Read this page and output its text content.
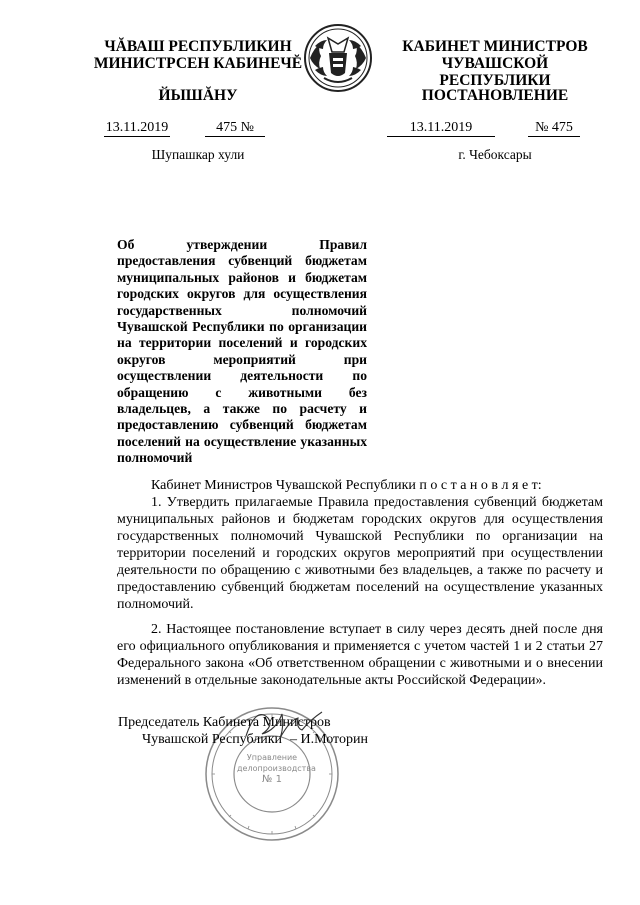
ЧĂВАШ РЕСПУБЛИКИН
МИНИСТРСЕН КАБИНЕЧĔ
ЙЫШĂНУ
КАБИНЕТ МИНИСТРОВ
ЧУВАШСКОЙ РЕСПУБЛИКИ
ПОСТАНОВЛЕНИЕ
13.11.2019	475 №	13.11.2019	№ 475
Шупашкар хули	г. Чебоксары
Об утверждении Правил предоставления субвенций бюджетам муниципальных районов и бюджетам городских округов для осуществления государственных полномочий Чувашской Республики по организации на территории поселений и городских округов мероприятий при осуществлении деятельности по обращению с животными без владельцев, а также по расчету и предоставлению субвенций бюджетам поселений на осуществление указанных полномочий

Кабинет Министров Чувашской Республики п о с т а н о в л я е т:

1. Утвердить прилагаемые Правила предоставления субвенций бюджетам муниципальных районов и бюджетам городских округов для осуществления государственных полномочий Чувашской Республики по организации на территории поселений и городских округов мероприятий при осуществлении деятельности по обращению с животными без владельцев, а также по расчету и предоставлению субвенций бюджетам поселений на осуществление указанных полномочий.

2. Настоящее постановление вступает в силу через десять дней после дня его официального опубликования и применяется с учетом частей 1 и 2 статьи 27 Федерального закона «Об ответственном обращении с животными и о внесении изменений в отдельные законодательные акты Российской Федерации».

Управление
делопроизводства
№ 1
Председатель Кабинета Министров
Чувашской Республики – И.Моторин
